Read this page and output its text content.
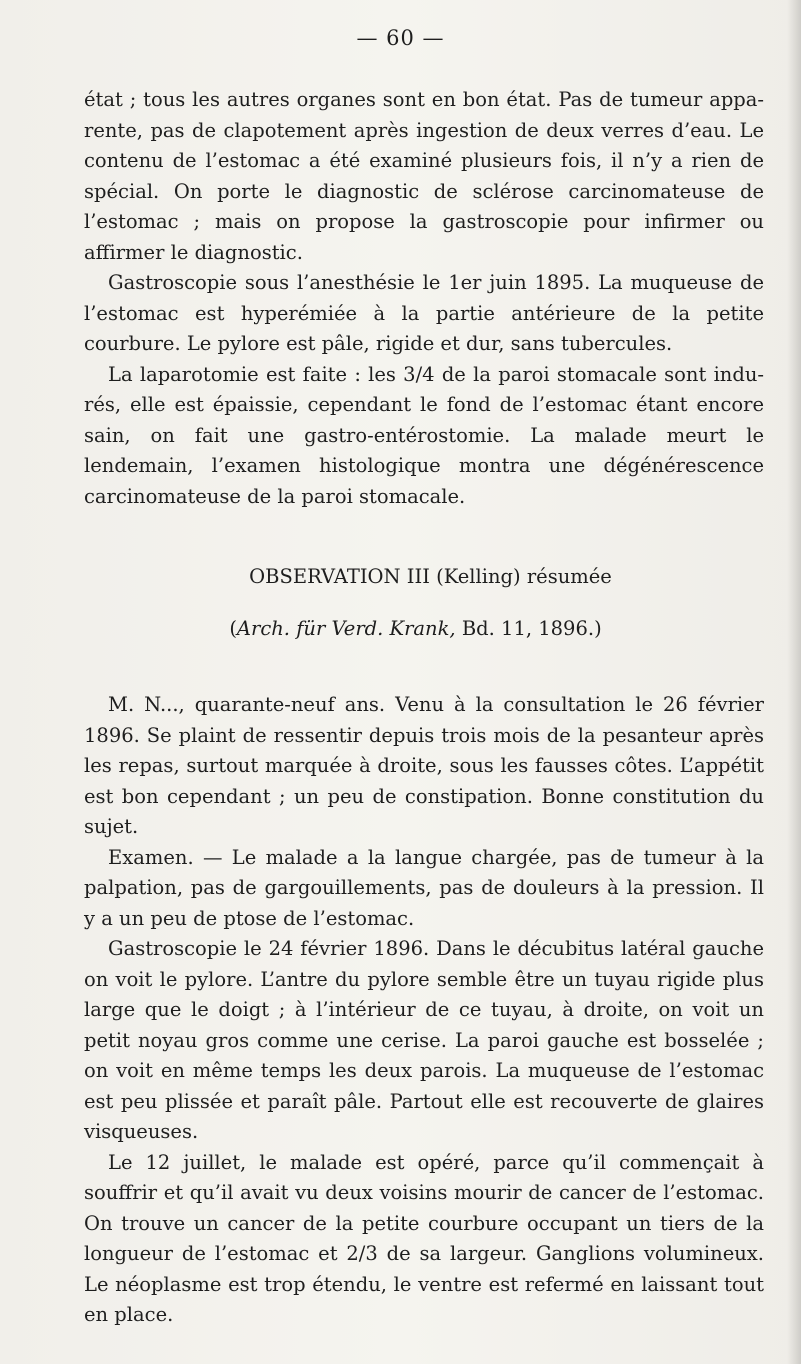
— 60 —

état ; tous les autres organes sont en bon état. Pas de tumeur apparente, pas de clapotement après ingestion de deux verres d’eau. Le contenu de l’estomac a été examiné plusieurs fois, il n’y a rien de spécial. On porte le diagnostic de sclérose carcinomateuse de l’estomac ; mais on propose la gastroscopie pour infirmer ou affirmer le diagnostic.

Gastroscopie sous l’anesthésie le 1er juin 1895. La muqueuse de l’estomac est hyperémiée à la partie antérieure de la petite courbure. Le pylore est pâle, rigide et dur, sans tubercules.

La laparotomie est faite : les 3/4 de la paroi stomacale sont indurés, elle est épaissie, cependant le fond de l’estomac étant encore sain, on fait une gastro-entérostomie. La malade meurt le lendemain, l’examen histologique montra une dégénérescence carcinomateuse de la paroi stomacale.

OBSERVATION III (Kelling) résumée
(Arch. für Verd. Krank, Bd. 11, 1896.)

M. N..., quarante-neuf ans. Venu à la consultation le 26 février 1896. Se plaint de ressentir depuis trois mois de la pesanteur après les repas, surtout marquée à droite, sous les fausses côtes. L’appétit est bon cependant ; un peu de constipation. Bonne constitution du sujet.

Examen. — Le malade a la langue chargée, pas de tumeur à la palpation, pas de gargouillements, pas de douleurs à la pression. Il y a un peu de ptose de l’estomac.

Gastroscopie le 24 février 1896. Dans le décubitus latéral gauche on voit le pylore. L’antre du pylore semble être un tuyau rigide plus large que le doigt ; à l’intérieur de ce tuyau, à droite, on voit un petit noyau gros comme une cerise. La paroi gauche est bosselée ; on voit en même temps les deux parois. La muqueuse de l’estomac est peu plissée et paraît pâle. Partout elle est recouverte de glaires visqueuses.

Le 12 juillet, le malade est opéré, parce qu’il commençait à souffrir et qu’il avait vu deux voisins mourir de cancer de l’estomac. On trouve un cancer de la petite courbure occupant un tiers de la longueur de l’estomac et 2/3 de sa largeur. Ganglions volumineux. Le néoplasme est trop étendu, le ventre est refermé en laissant tout en place.
